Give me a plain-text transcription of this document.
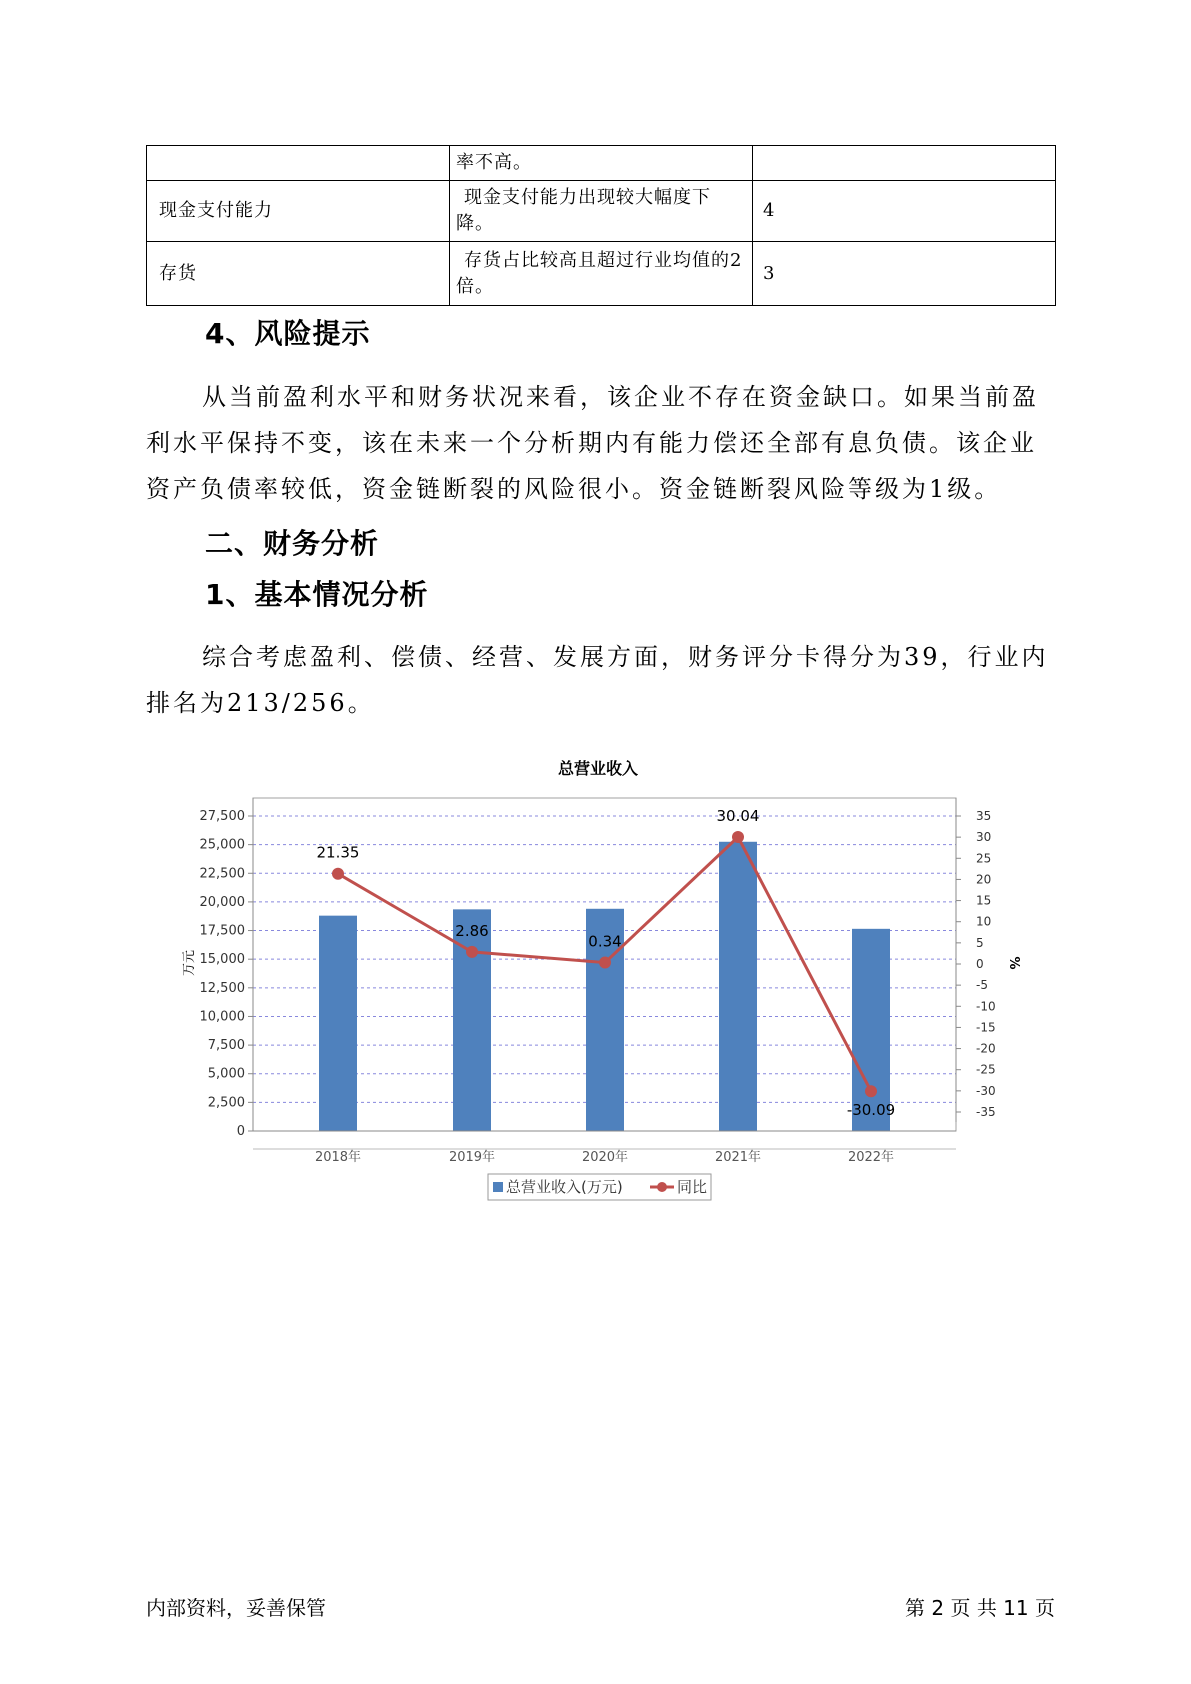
	率不高。	
现金支付能力	现金支付能力出现较大幅度下降。	4
存货	存货占比较高且超过行业均值的2倍。	3
4、风险提示

从当前盈利水平和财务状况来看，该企业不存在资金缺口。如果当前盈利水平保持不变，该在未来一个分析期内有能力偿还全部有息负债。该企业资产负债率较低，资金链断裂的风险很小。资金链断裂风险等级为1级。

二、财务分析
1、基本情况分析

综合考虑盈利、偿债、经营、发展方面，财务评分卡得分为39，行业内排名为213/256。

总营业收入
21.35
2.86
0.34
30.04
-30.09
0
2,500
5,000
7,500
10,000
12,500
15,000
17,500
20,000
22,500
25,000
27,500	35
30
25
20
15
10
5
0
-5
-10
-15
-20
-25
-30
-35
2018年	2019年	2020年	2021年	2022年
万元	%
总营业收入(万元)	同比
内部资料，妥善保管	第 2 页 共 11 页
